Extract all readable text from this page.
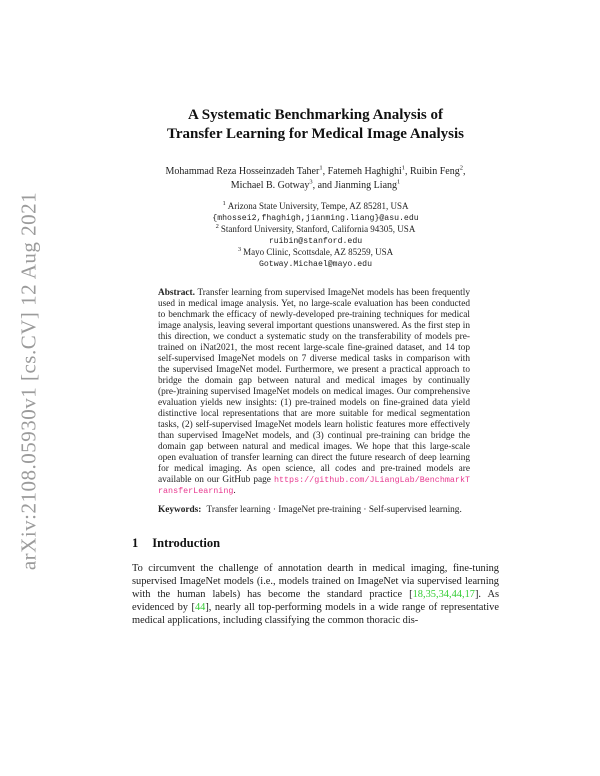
arXiv:2108.05930v1 [cs.CV] 12 Aug 2021
A Systematic Benchmarking Analysis of
Transfer Learning for Medical Image Analysis
Mohammad Reza Hosseinzadeh Taher$^1$, Fatemeh Haghighi$^1$, Ruibin Feng$^2$,
Michael B. Gotway$^3$, and Jianming Liang$^1$
$^1$ Arizona State University, Tempe, AZ 85281, USA
{mhossei2,fhaghigh,jianming.liang}@asu.edu
$^2$ Stanford University, Stanford, California 94305, USA
ruibin@stanford.edu
$^3$ Mayo Clinic, Scottsdale, AZ 85259, USA
Gotway.Michael@mayo.edu
Abstract. Transfer learning from supervised ImageNet models has been frequently used in medical image analysis. Yet, no large-scale evaluation has been conducted to benchmark the efficacy of newly-developed pre-training techniques for medical image analysis, leaving several important questions unanswered. As the first step in this direction, we conduct a systematic study on the transferability of models pre-trained on iNat2021, the most recent large-scale fine-grained dataset, and 14 top self-supervised ImageNet models on 7 diverse medical tasks in comparison with the supervised ImageNet model. Furthermore, we present a practical approach to bridge the domain gap between natural and medical images by continually (pre-)training supervised ImageNet models on medical images. Our comprehensive evaluation yields new insights: (1) pre-trained models on fine-grained data yield distinctive local representations that are more suitable for medical segmentation tasks, (2) self-supervised ImageNet models learn holistic features more effectively than supervised ImageNet models, and (3) continual pre-training can bridge the domain gap between natural and medical images. We hope that this large-scale open evaluation of transfer learning can direct the future research of deep learning for medical imaging. As open science, all codes and pre-trained models are available on our GitHub page https://github.com/JLiangLab/BenchmarkTransferLearning.
Keywords: Transfer learning · ImageNet pre-training · Self-supervised learning.
1 Introduction

To circumvent the challenge of annotation dearth in medical imaging, fine-tuning supervised ImageNet models (i.e., models trained on ImageNet via supervised learning with the human labels) has become the standard practice [18,35,34,44,17]. As evidenced by [44], nearly all top-performing models in a wide range of representative medical applications, including classifying the common thoracic dis-
